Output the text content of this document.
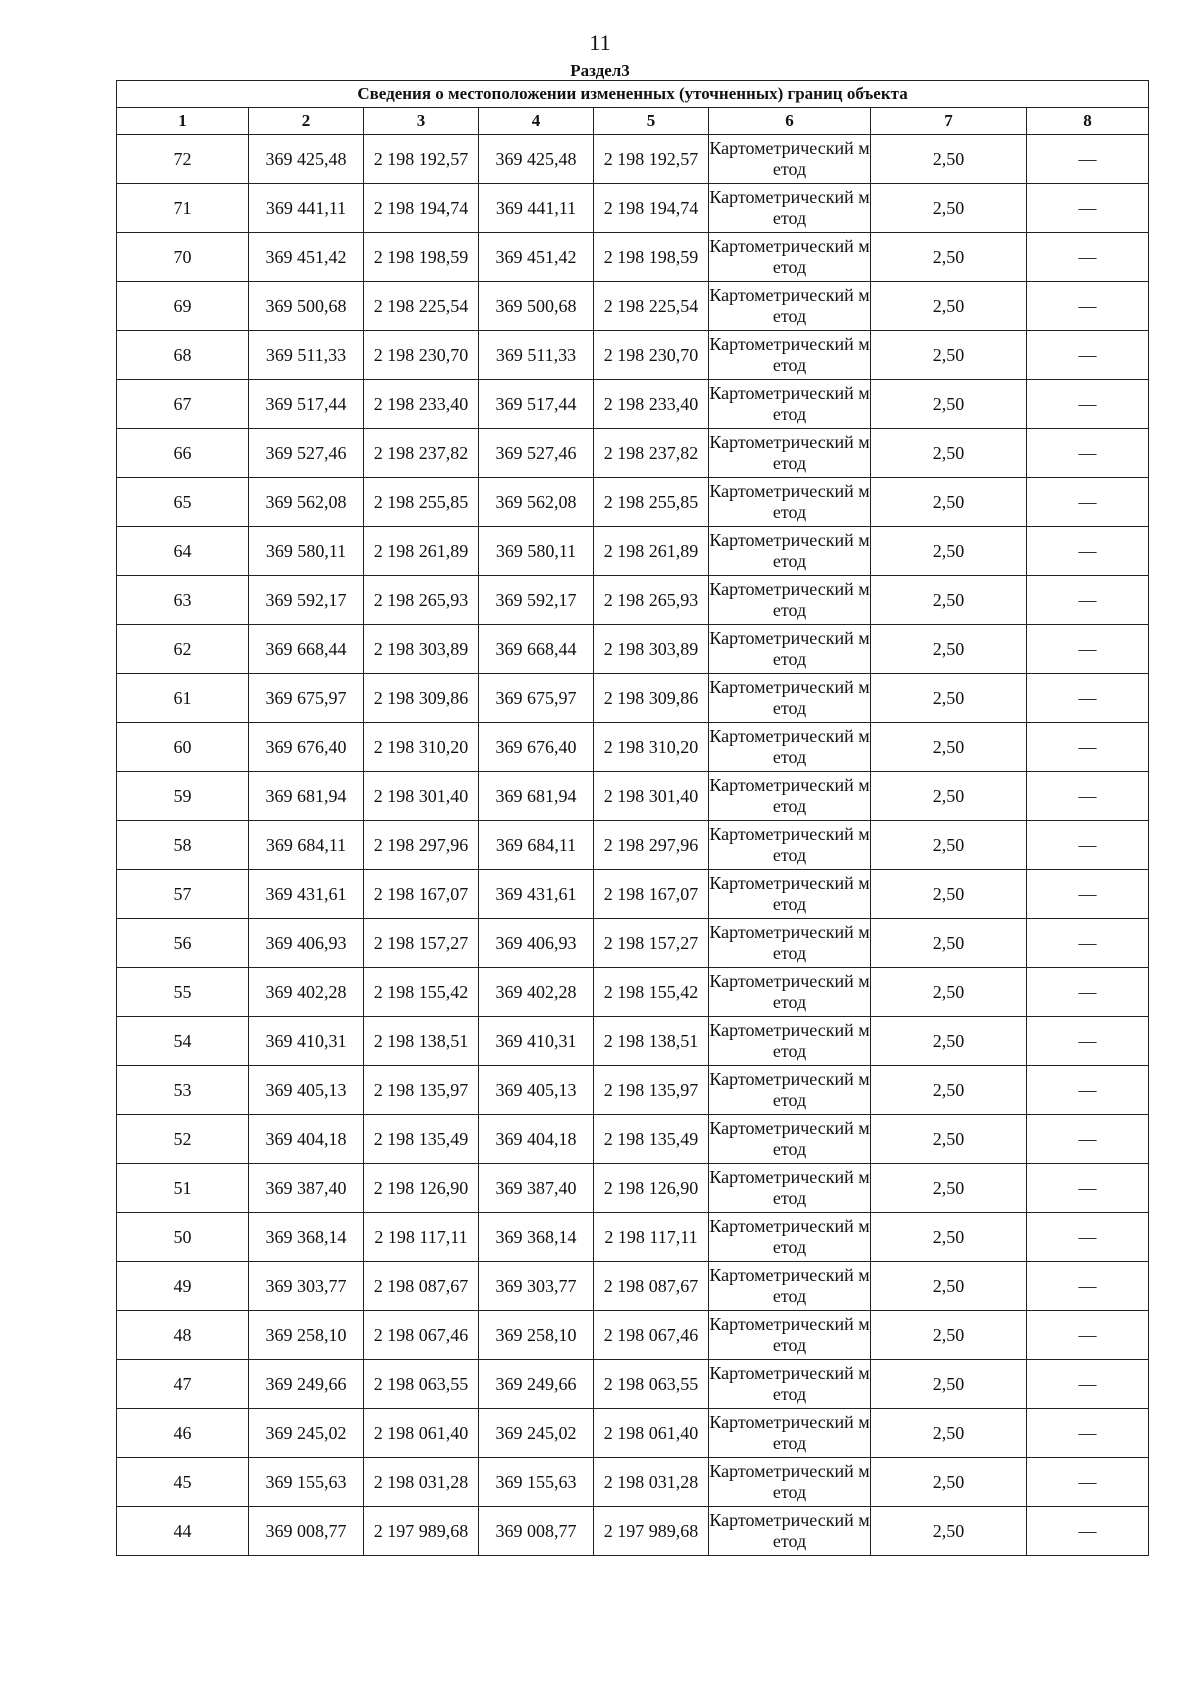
11
Раздел3
Сведения о местоположении измененных (уточненных) границ объекта							
1	2	3	4	5	6	7	8
72	369 425,48	2 198 192,57	369 425,48	2 198 192,57	Картометрический метод	2,50	—
71	369 441,11	2 198 194,74	369 441,11	2 198 194,74	Картометрический метод	2,50	—
70	369 451,42	2 198 198,59	369 451,42	2 198 198,59	Картометрический метод	2,50	—
69	369 500,68	2 198 225,54	369 500,68	2 198 225,54	Картометрический метод	2,50	—
68	369 511,33	2 198 230,70	369 511,33	2 198 230,70	Картометрический метод	2,50	—
67	369 517,44	2 198 233,40	369 517,44	2 198 233,40	Картометрический метод	2,50	—
66	369 527,46	2 198 237,82	369 527,46	2 198 237,82	Картометрический метод	2,50	—
65	369 562,08	2 198 255,85	369 562,08	2 198 255,85	Картометрический метод	2,50	—
64	369 580,11	2 198 261,89	369 580,11	2 198 261,89	Картометрический метод	2,50	—
63	369 592,17	2 198 265,93	369 592,17	2 198 265,93	Картометрический метод	2,50	—
62	369 668,44	2 198 303,89	369 668,44	2 198 303,89	Картометрический метод	2,50	—
61	369 675,97	2 198 309,86	369 675,97	2 198 309,86	Картометрический метод	2,50	—
60	369 676,40	2 198 310,20	369 676,40	2 198 310,20	Картометрический метод	2,50	—
59	369 681,94	2 198 301,40	369 681,94	2 198 301,40	Картометрический метод	2,50	—
58	369 684,11	2 198 297,96	369 684,11	2 198 297,96	Картометрический метод	2,50	—
57	369 431,61	2 198 167,07	369 431,61	2 198 167,07	Картометрический метод	2,50	—
56	369 406,93	2 198 157,27	369 406,93	2 198 157,27	Картометрический метод	2,50	—
55	369 402,28	2 198 155,42	369 402,28	2 198 155,42	Картометрический метод	2,50	—
54	369 410,31	2 198 138,51	369 410,31	2 198 138,51	Картометрический метод	2,50	—
53	369 405,13	2 198 135,97	369 405,13	2 198 135,97	Картометрический метод	2,50	—
52	369 404,18	2 198 135,49	369 404,18	2 198 135,49	Картометрический метод	2,50	—
51	369 387,40	2 198 126,90	369 387,40	2 198 126,90	Картометрический метод	2,50	—
50	369 368,14	2 198 117,11	369 368,14	2 198 117,11	Картометрический метод	2,50	—
49	369 303,77	2 198 087,67	369 303,77	2 198 087,67	Картометрический метод	2,50	—
48	369 258,10	2 198 067,46	369 258,10	2 198 067,46	Картометрический метод	2,50	—
47	369 249,66	2 198 063,55	369 249,66	2 198 063,55	Картометрический метод	2,50	—
46	369 245,02	2 198 061,40	369 245,02	2 198 061,40	Картометрический метод	2,50	—
45	369 155,63	2 198 031,28	369 155,63	2 198 031,28	Картометрический метод	2,50	—
44	369 008,77	2 197 989,68	369 008,77	2 197 989,68	Картометрический метод	2,50	—
